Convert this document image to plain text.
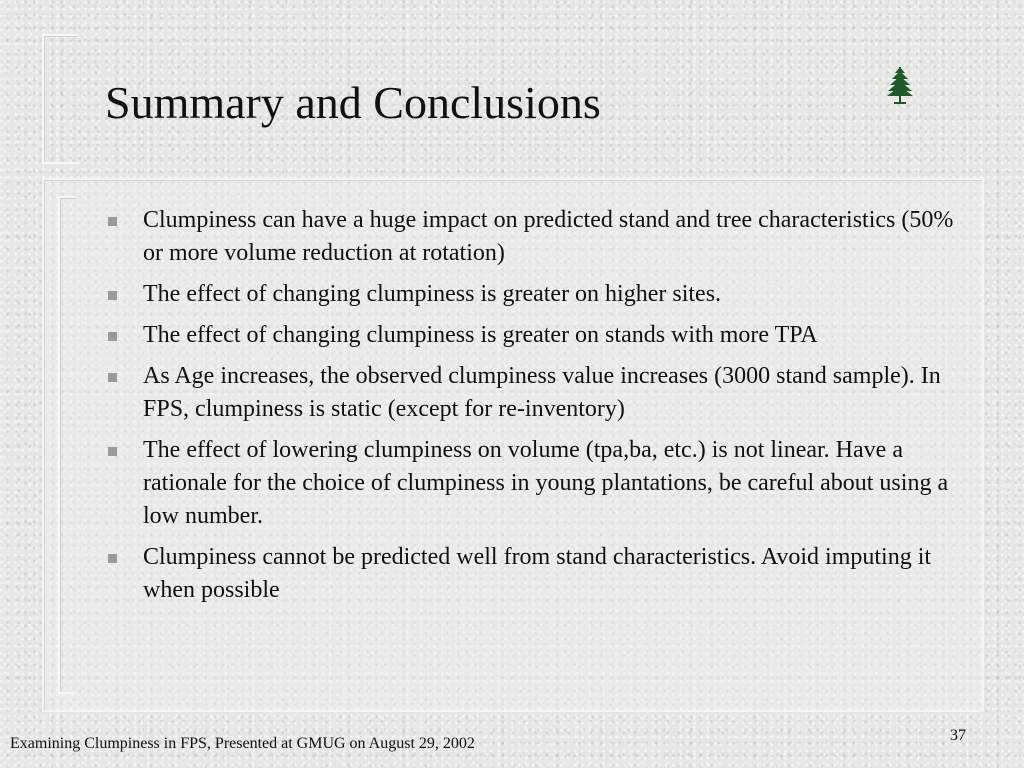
Summary and Conclusions
Clumpiness can have a huge impact on predicted stand and tree characteristics (50% or more volume reduction at rotation)
The effect of changing clumpiness is greater on higher sites.
The effect of changing clumpiness is greater on stands with more TPA
As Age increases, the observed clumpiness value increases (3000 stand sample). In FPS, clumpiness is static (except for re-inventory)
The effect of lowering clumpiness on volume (tpa,ba, etc.) is not linear. Have a rationale for the choice of clumpiness in young plantations, be careful about using a low number.
Clumpiness cannot be predicted well from stand characteristics. Avoid imputing it when possible
Examining Clumpiness in FPS, Presented at GMUG on August 29, 2002	37
